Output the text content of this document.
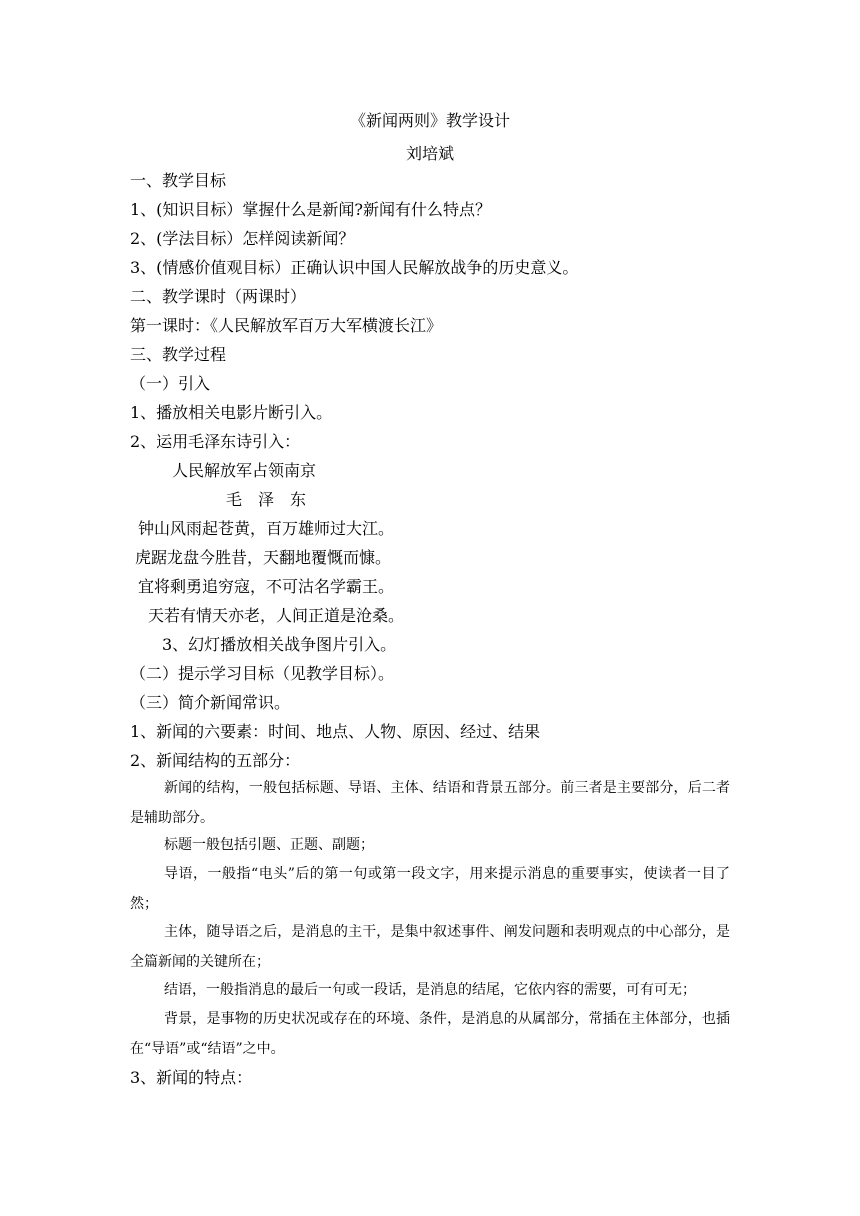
《新闻两则》教学设计
刘培斌
一、教学目标
1、(知识目标）掌握什么是新闻?新闻有什么特点？
2、(学法目标）怎样阅读新闻？
3、(情感价值观目标）正确认识中国人民解放战争的历史意义。
二、教学课时（两课时）
第一课时：《人民解放军百万大军横渡长江》
三、教学过程
（一）引入
1、播放相关电影片断引入。
2、运用毛泽东诗引入：
人民解放军占领南京
毛　泽　东
钟山风雨起苍黄，百万雄师过大江。
虎踞龙盘今胜昔，天翻地覆慨而慷。
宜将剩勇追穷寇，不可沽名学霸王。
天若有情天亦老，人间正道是沧桑。
3、幻灯播放相关战争图片引入。
（二）提示学习目标（见教学目标）。
（三）简介新闻常识。
1、新闻的六要素：时间、地点、人物、原因、经过、结果
2、新闻结构的五部分：
新闻的结构，一般包括标题、导语、主体、结语和背景五部分。前三者是主要部分，后二者是辅助部分。
标题一般包括引题、正题、副题；
导语，一般指“电头”后的第一句或第一段文字，用来提示消息的重要事实，使读者一目了然；
主体，随导语之后，是消息的主干，是集中叙述事件、阐发问题和表明观点的中心部分，是全篇新闻的关键所在；
结语，一般指消息的最后一句或一段话，是消息的结尾，它依内容的需要，可有可无；
背景，是事物的历史状况或存在的环境、条件，是消息的从属部分，常插在主体部分，也插在“导语”或“结语”之中。
3、新闻的特点：
